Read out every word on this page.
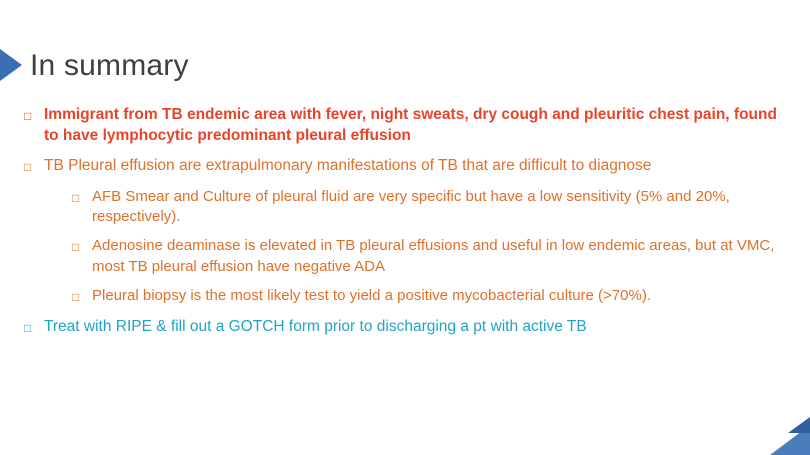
In summary
□ Immigrant from TB endemic area with fever, night sweats, dry cough and pleuritic chest pain, found to have lymphocytic predominant pleural effusion
□ TB Pleural effusion are extrapulmonary manifestations of TB that are difficult to diagnose
□ AFB Smear and Culture of pleural fluid are very specific but have a low sensitivity (5% and 20%, respectively).
□ Adenosine deaminase is elevated in TB pleural effusions and useful in low endemic areas, but at VMC, most TB pleural effusion have negative ADA
□ Pleural biopsy is the most likely test to yield a positive mycobacterial culture (>70%).
□ Treat with RIPE & fill out a GOTCH form prior to discharging a pt with active TB
